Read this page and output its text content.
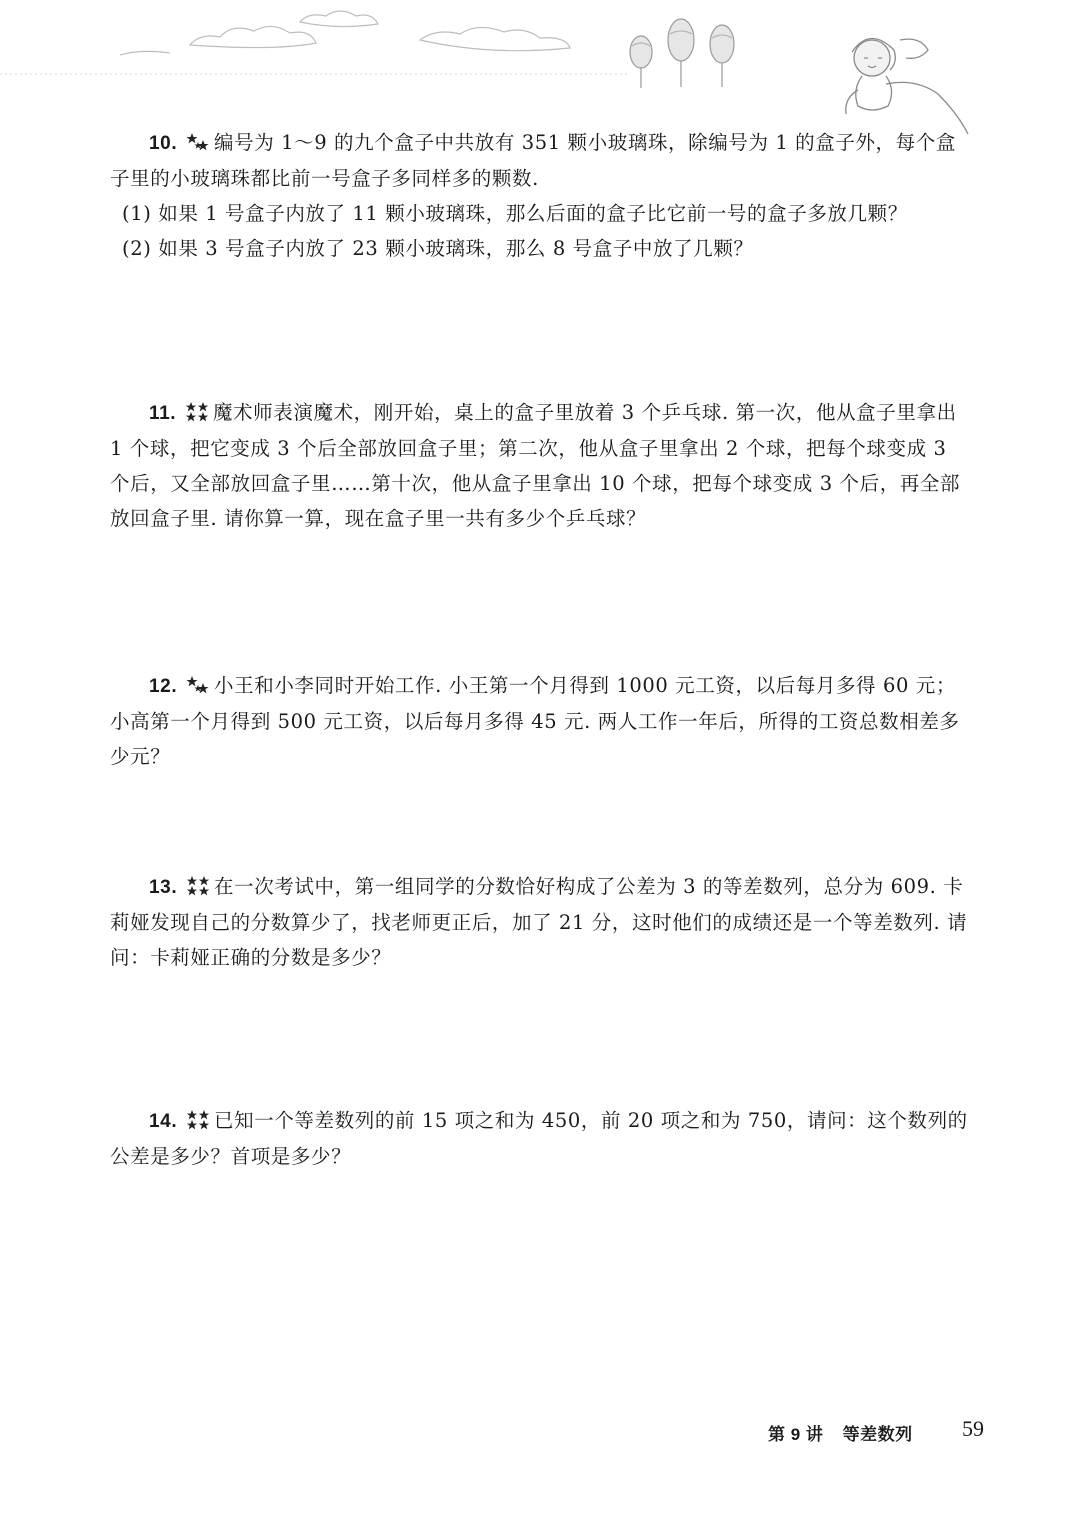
10. 编号为 1～9 的九个盒子中共放有 351 颗小玻璃珠，除编号为 1 的盒子外，每个盒子里的小玻璃珠都比前一号盒子多同样多的颗数.

(1) 如果 1 号盒子内放了 11 颗小玻璃珠，那么后面的盒子比它前一号的盒子多放几颗？

(2) 如果 3 号盒子内放了 23 颗小玻璃珠，那么 8 号盒子中放了几颗？

11. 魔术师表演魔术，刚开始，桌上的盒子里放着 3 个乒乓球. 第一次，他从盒子里拿出 1 个球，把它变成 3 个后全部放回盒子里；第二次，他从盒子里拿出 2 个球，把每个球变成 3 个后，又全部放回盒子里……第十次，他从盒子里拿出 10 个球，把每个球变成 3 个后，再全部放回盒子里. 请你算一算，现在盒子里一共有多少个乒乓球？

12. 小王和小李同时开始工作. 小王第一个月得到 1000 元工资，以后每月多得 60 元；小高第一个月得到 500 元工资，以后每月多得 45 元. 两人工作一年后，所得的工资总数相差多少元？

13. 在一次考试中，第一组同学的分数恰好构成了公差为 3 的等差数列，总分为 609. 卡莉娅发现自己的分数算少了，找老师更正后，加了 21 分，这时他们的成绩还是一个等差数列. 请问：卡莉娅正确的分数是多少？

14. 已知一个等差数列的前 15 项之和为 450，前 20 项之和为 750，请问：这个数列的公差是多少？首项是多少？

第 9 讲 等差数列	59
